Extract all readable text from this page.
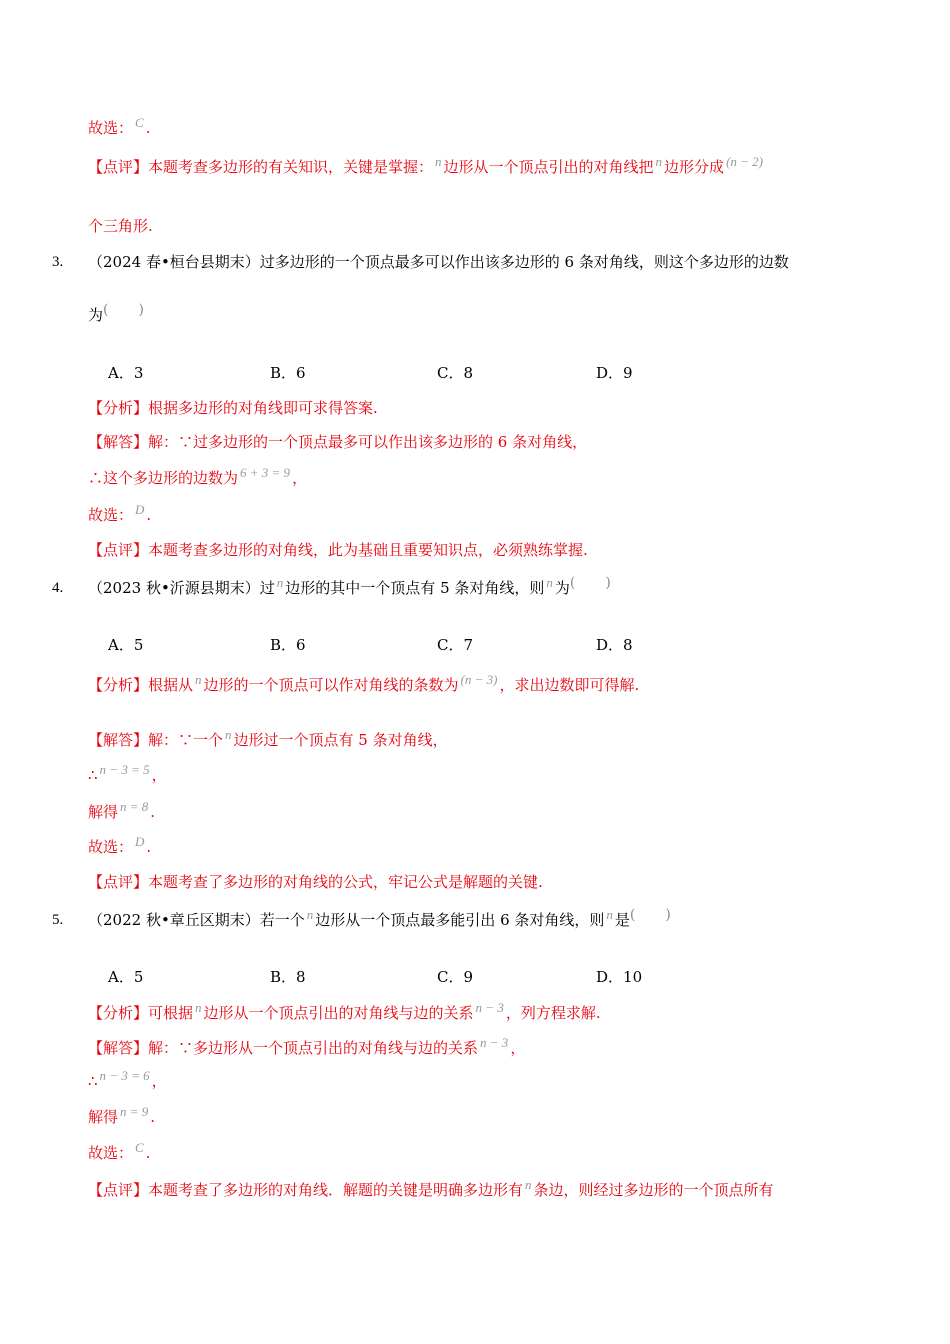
故选： C .
【点评】本题考查多边形的有关知识，关键是掌握： n 边形从一个顶点引出的对角线把 n 边形分成 (n − 2)
个三角形.
3. （2024 春•桓台县期末）过多边形的一个顶点最多可以作出该多边形的 6 条对角线，则这个多边形的边数
为( )
A．3	B．6	C．8	D．9
【分析】根据多边形的对角线即可求得答案.
【解答】解：∵过多边形的一个顶点最多可以作出该多边形的 6 条对角线，
∴这个多边形的边数为 6 + 3 = 9 ，
故选： D .
【点评】本题考查多边形的对角线，此为基础且重要知识点，必须熟练掌握.
4. （2023 秋•沂源县期末）过 n 边形的其中一个顶点有 5 条对角线，则 n 为( )
A．5	B．6	C．7	D．8
【分析】根据从 n 边形的一个顶点可以作对角线的条数为 (n − 3) ，求出边数即可得解.
【解答】解：∵一个 n 边形过一个顶点有 5 条对角线，
∴ n − 3 = 5 ，
解得 n = 8 .
故选： D .
【点评】本题考查了多边形的对角线的公式，牢记公式是解题的关键.
5. （2022 秋•章丘区期末）若一个 n 边形从一个顶点最多能引出 6 条对角线，则 n 是( )
A．5	B．8	C．9	D．10
【分析】可根据 n 边形从一个顶点引出的对角线与边的关系 n − 3 ，列方程求解.
【解答】解：∵多边形从一个顶点引出的对角线与边的关系 n − 3 ，
∴ n − 3 = 6 ，
解得 n = 9 .
故选： C .
【点评】本题考查了多边形的对角线．解题的关键是明确多边形有 n 条边，则经过多边形的一个顶点所有
